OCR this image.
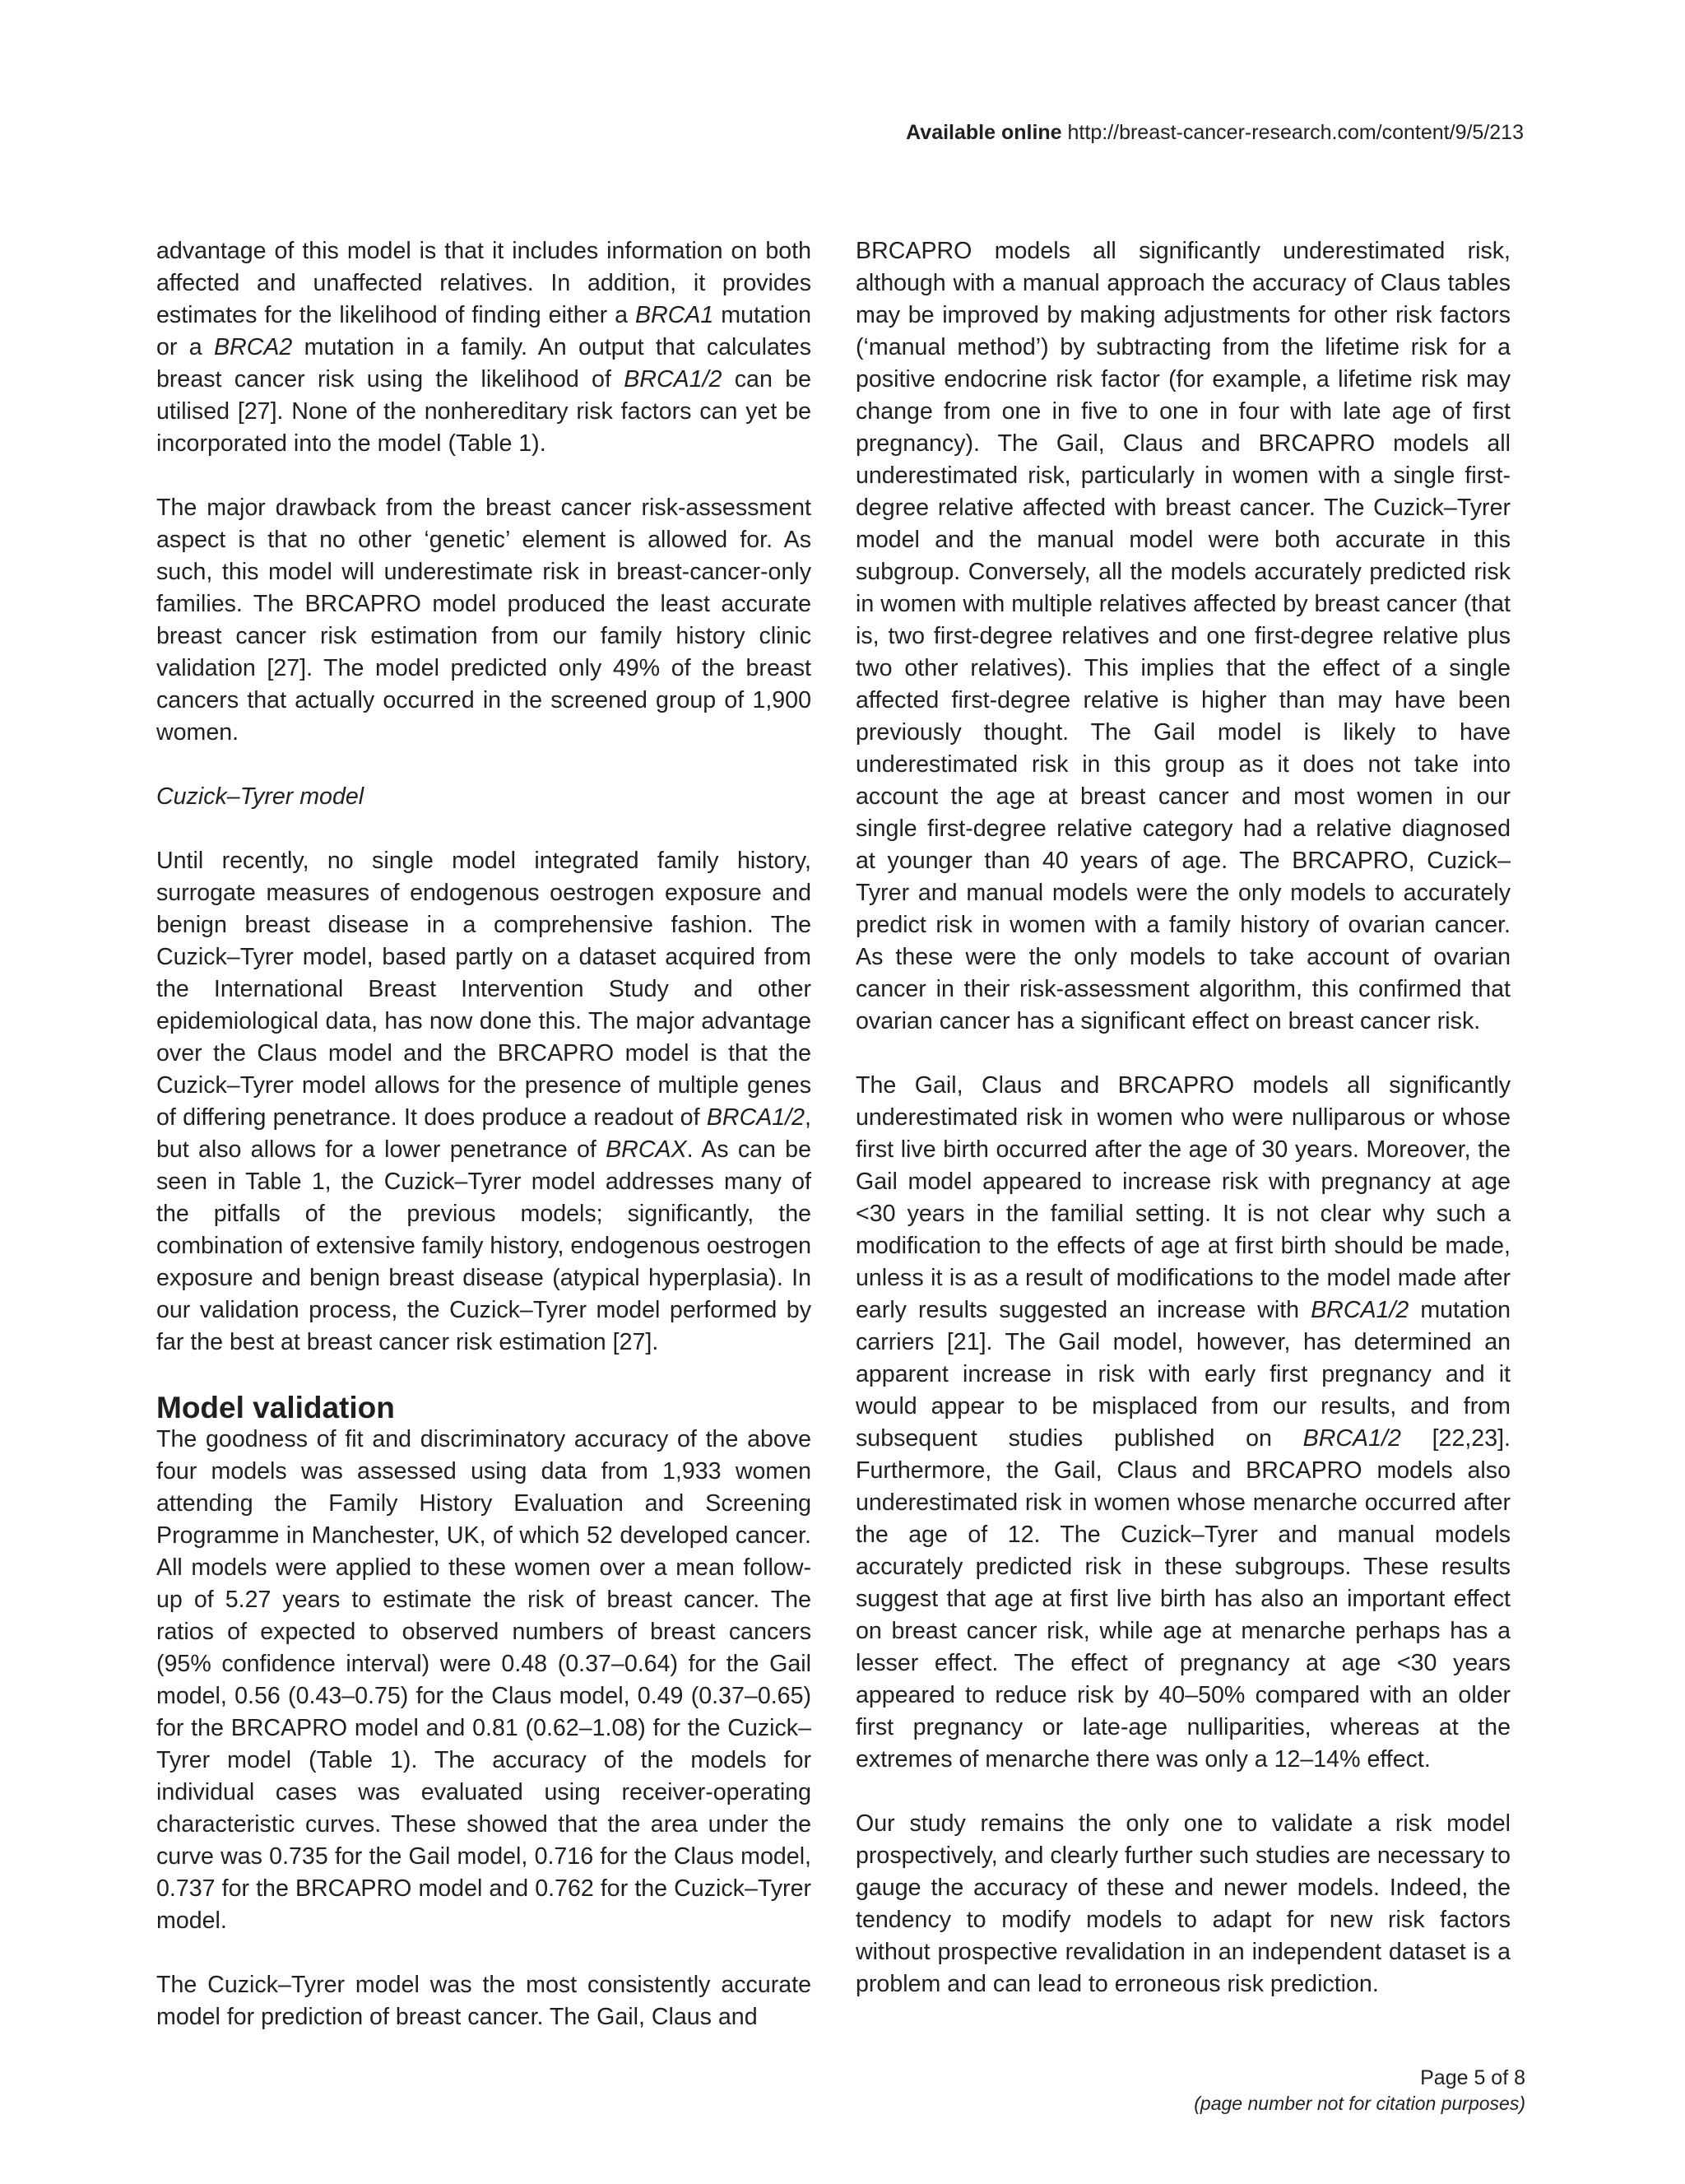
Available online http://breast-cancer-research.com/content/9/5/213

advantage of this model is that it includes information on both affected and unaffected relatives. In addition, it provides estimates for the likelihood of finding either a BRCA1 mutation or a BRCA2 mutation in a family. An output that calculates breast cancer risk using the likelihood of BRCA1/2 can be utilised [27]. None of the nonhereditary risk factors can yet be incorporated into the model (Table 1).

The major drawback from the breast cancer risk-assessment aspect is that no other ‘genetic’ element is allowed for. As such, this model will underestimate risk in breast-cancer-only families. The BRCAPRO model produced the least accurate breast cancer risk estimation from our family history clinic validation [27]. The model predicted only 49% of the breast cancers that actually occurred in the screened group of 1,900 women.

Cuzick–Tyrer model

Until recently, no single model integrated family history, surrogate measures of endogenous oestrogen exposure and benign breast disease in a comprehensive fashion. The Cuzick–Tyrer model, based partly on a dataset acquired from the International Breast Intervention Study and other epidemiological data, has now done this. The major advantage over the Claus model and the BRCAPRO model is that the Cuzick–Tyrer model allows for the presence of multiple genes of differing penetrance. It does produce a readout of BRCA1/2, but also allows for a lower penetrance of BRCAX. As can be seen in Table 1, the Cuzick–Tyrer model addresses many of the pitfalls of the previous models; significantly, the combination of extensive family history, endogenous oestrogen exposure and benign breast disease (atypical hyperplasia). In our validation process, the Cuzick–Tyrer model performed by far the best at breast cancer risk estimation [27].

Model validation

The goodness of fit and discriminatory accuracy of the above four models was assessed using data from 1,933 women attending the Family History Evaluation and Screening Programme in Manchester, UK, of which 52 developed cancer. All models were applied to these women over a mean follow-up of 5.27 years to estimate the risk of breast cancer. The ratios of expected to observed numbers of breast cancers (95% confidence interval) were 0.48 (0.37–0.64) for the Gail model, 0.56 (0.43–0.75) for the Claus model, 0.49 (0.37–0.65) for the BRCAPRO model and 0.81 (0.62–1.08) for the Cuzick–Tyrer model (Table 1). The accuracy of the models for individual cases was evaluated using receiver-operating characteristic curves. These showed that the area under the curve was 0.735 for the Gail model, 0.716 for the Claus model, 0.737 for the BRCAPRO model and 0.762 for the Cuzick–Tyrer model.

The Cuzick–Tyrer model was the most consistently accurate model for prediction of breast cancer. The Gail, Claus and

BRCAPRO models all significantly underestimated risk, although with a manual approach the accuracy of Claus tables may be improved by making adjustments for other risk factors (‘manual method’) by subtracting from the lifetime risk for a positive endocrine risk factor (for example, a lifetime risk may change from one in five to one in four with late age of first pregnancy). The Gail, Claus and BRCAPRO models all underestimated risk, particularly in women with a single first-degree relative affected with breast cancer. The Cuzick–Tyrer model and the manual model were both accurate in this subgroup. Conversely, all the models accurately predicted risk in women with multiple relatives affected by breast cancer (that is, two first-degree relatives and one first-degree relative plus two other relatives). This implies that the effect of a single affected first-degree relative is higher than may have been previously thought. The Gail model is likely to have underestimated risk in this group as it does not take into account the age at breast cancer and most women in our single first-degree relative category had a relative diagnosed at younger than 40 years of age. The BRCAPRO, Cuzick–Tyrer and manual models were the only models to accurately predict risk in women with a family history of ovarian cancer. As these were the only models to take account of ovarian cancer in their risk-assessment algorithm, this confirmed that ovarian cancer has a significant effect on breast cancer risk.

The Gail, Claus and BRCAPRO models all significantly underestimated risk in women who were nulliparous or whose first live birth occurred after the age of 30 years. Moreover, the Gail model appeared to increase risk with pregnancy at age <30 years in the familial setting. It is not clear why such a modification to the effects of age at first birth should be made, unless it is as a result of modifications to the model made after early results suggested an increase with BRCA1/2 mutation carriers [21]. The Gail model, however, has determined an apparent increase in risk with early first pregnancy and it would appear to be misplaced from our results, and from subsequent studies published on BRCA1/2 [22,23]. Furthermore, the Gail, Claus and BRCAPRO models also underestimated risk in women whose menarche occurred after the age of 12. The Cuzick–Tyrer and manual models accurately predicted risk in these subgroups. These results suggest that age at first live birth has also an important effect on breast cancer risk, while age at menarche perhaps has a lesser effect. The effect of pregnancy at age <30 years appeared to reduce risk by 40–50% compared with an older first pregnancy or late-age nulliparities, whereas at the extremes of menarche there was only a 12–14% effect.

Our study remains the only one to validate a risk model prospectively, and clearly further such studies are necessary to gauge the accuracy of these and newer models. Indeed, the tendency to modify models to adapt for new risk factors without prospective revalidation in an independent dataset is a problem and can lead to erroneous risk prediction.

Page 5 of 8
(page number not for citation purposes)
